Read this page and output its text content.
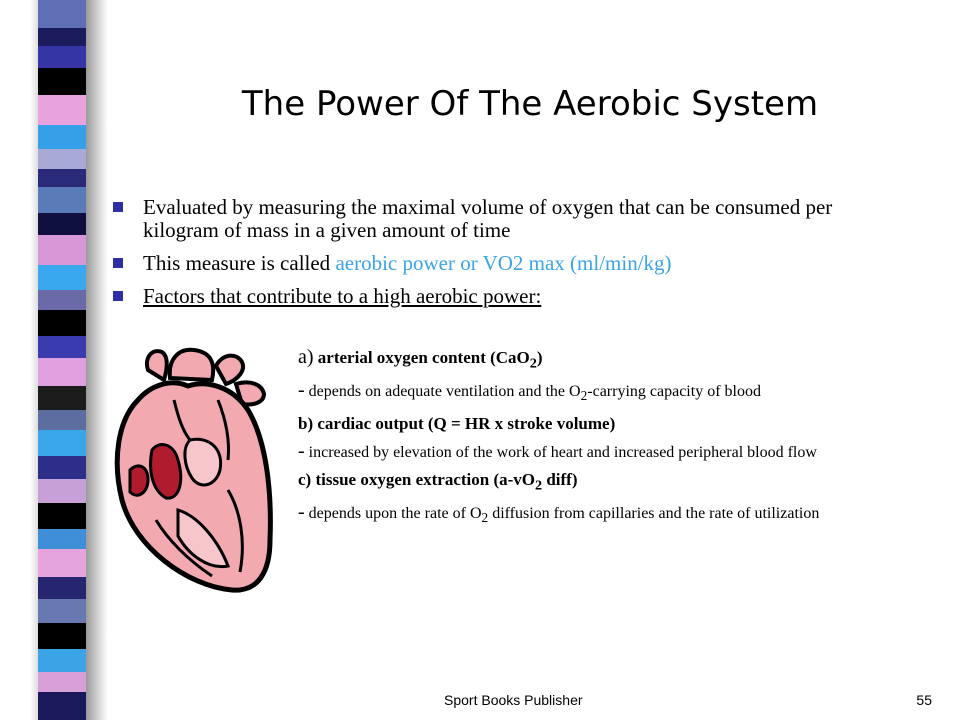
The Power Of The Aerobic System
Evaluated by measuring the maximal volume of oxygen that can be consumed per kilogram of mass in a given amount of time
This measure is called aerobic power or VO2 max (ml/min/kg)
Factors that contribute to a high aerobic power:
a) arterial oxygen content (CaO$_2$)
- depends on adequate ventilation and the $O_2$-carrying capacity of blood
b) cardiac output (Q = HR x stroke volume)
- increased by elevation of the work of heart and increased peripheral blood flow
c) tissue oxygen extraction ($a-vO_2$ diff)
- depends upon the rate of $O_2$ diffusion from capillaries and the rate of utilization
Sport Books Publisher	55
